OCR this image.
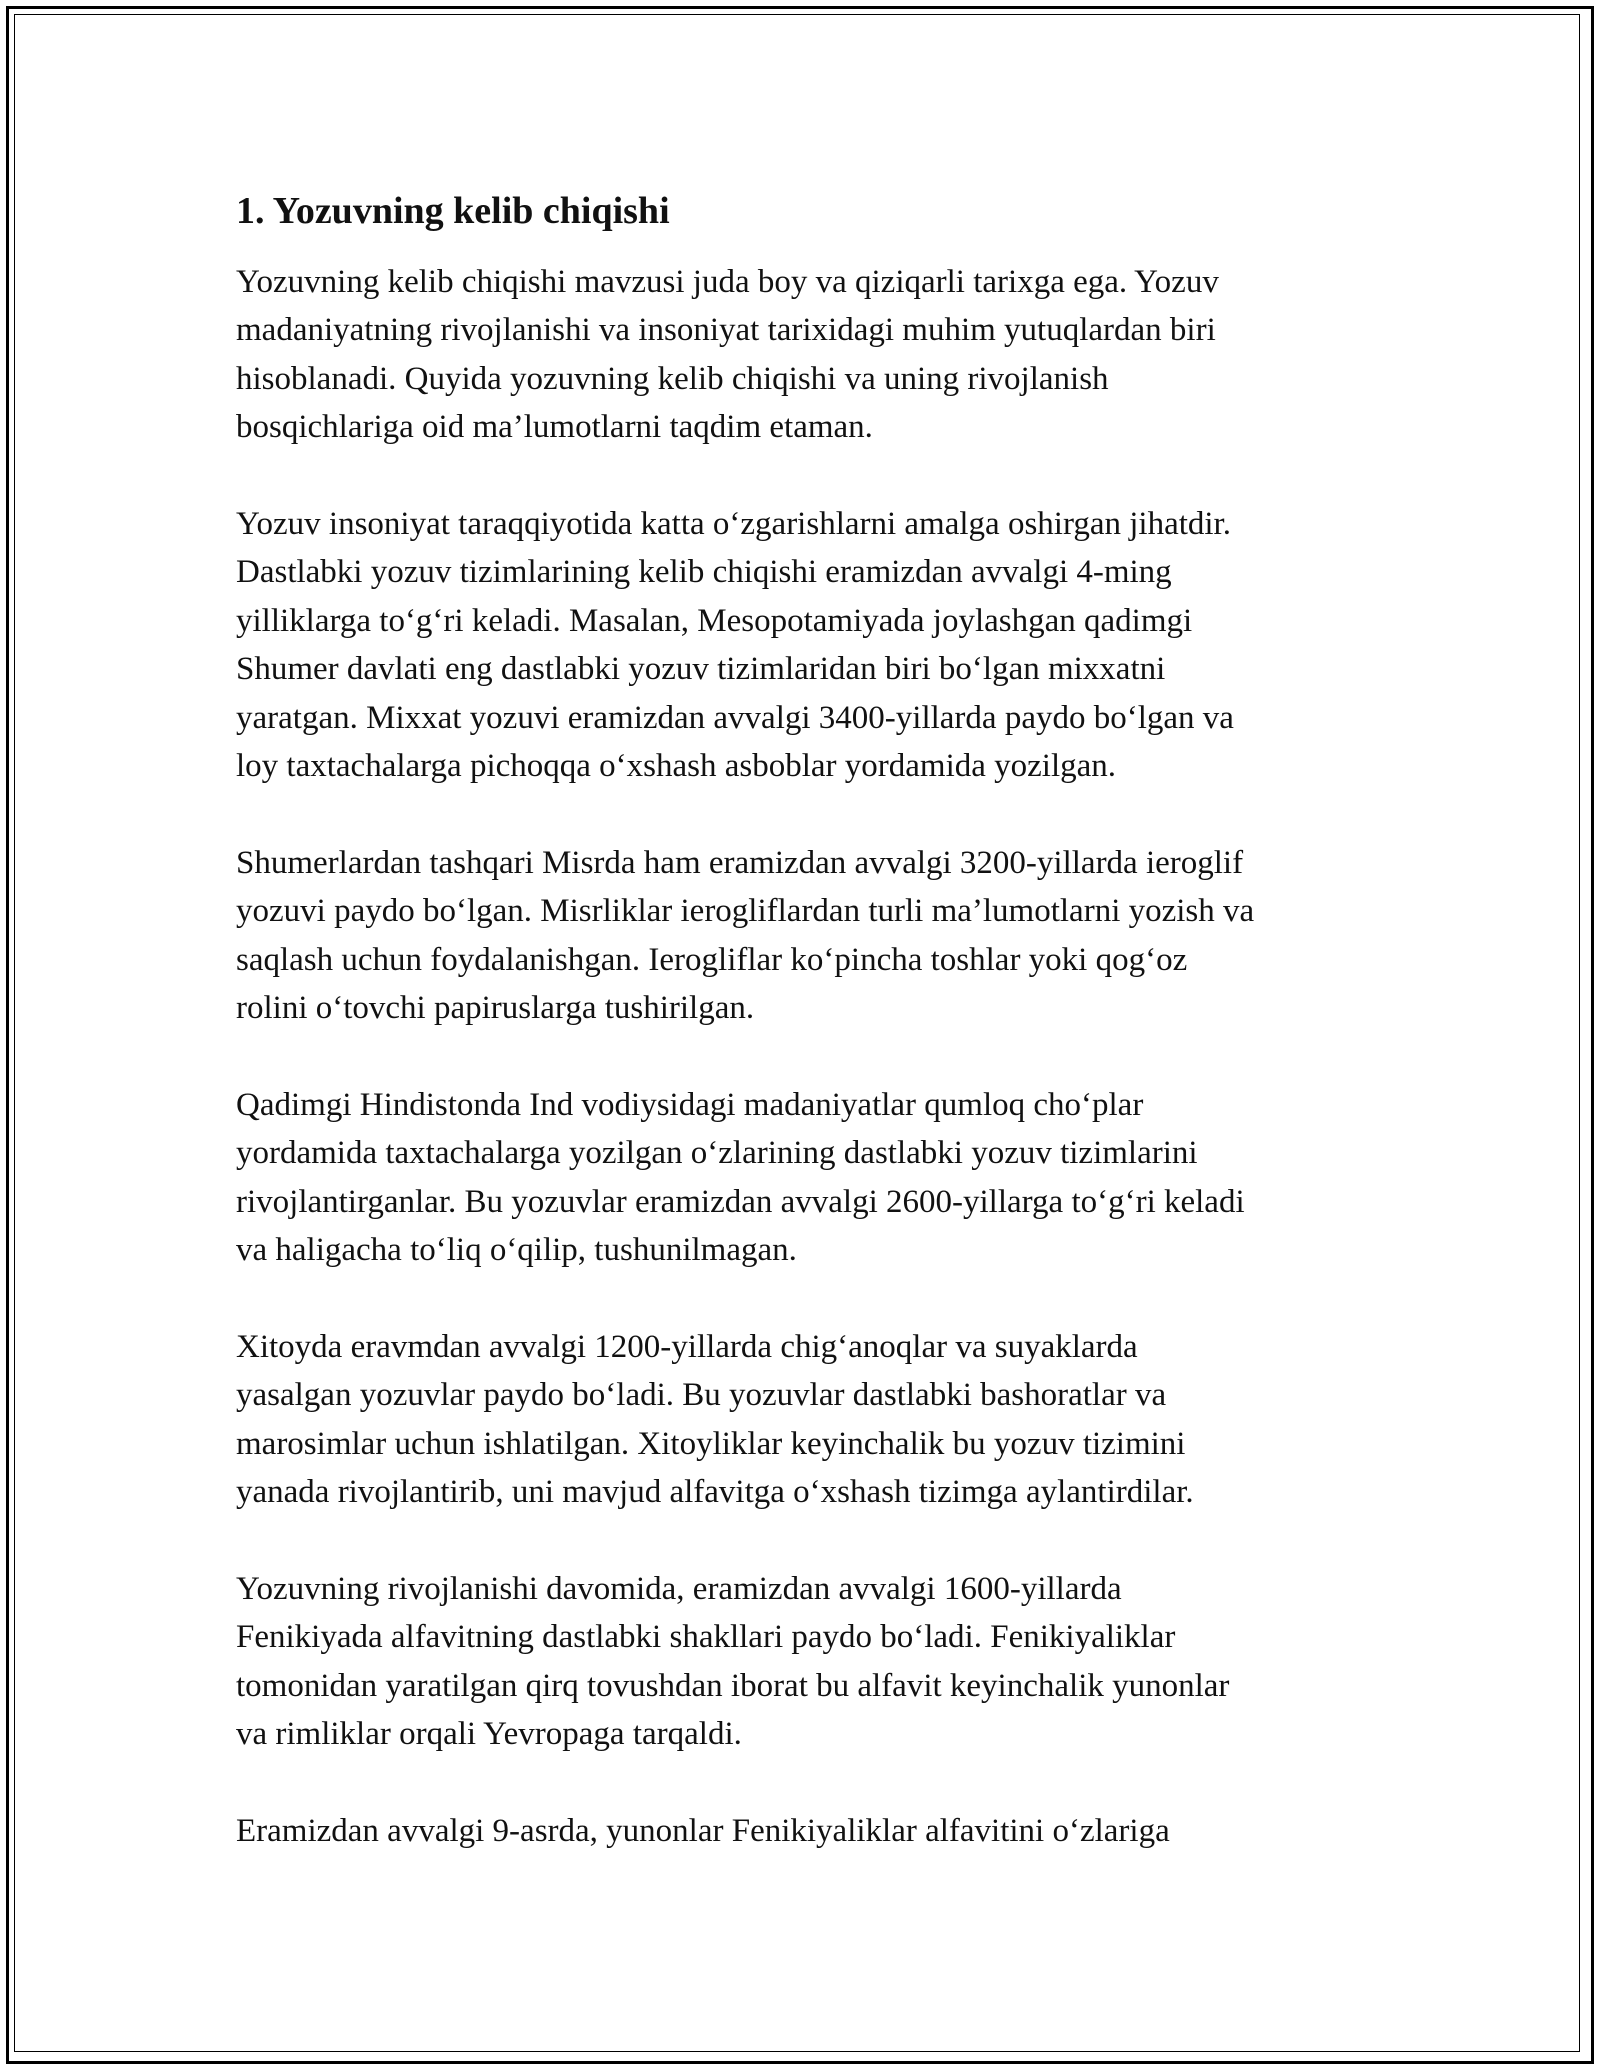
1. Yozuvning kelib chiqishi

Yozuvning kelib chiqishi mavzusi juda boy va qiziqarli tarixga ega. Yozuv
madaniyatning rivojlanishi va insoniyat tarixidagi muhim yutuqlardan biri
hisoblanadi. Quyida yozuvning kelib chiqishi va uning rivojlanish
bosqichlariga oid ma’lumotlarni taqdim etaman.

Yozuv insoniyat taraqqiyotida katta o‘zgarishlarni amalga oshirgan jihatdir.
Dastlabki yozuv tizimlarining kelib chiqishi eramizdan avvalgi 4-ming
yilliklarga to‘g‘ri keladi. Masalan, Mesopotamiyada joylashgan qadimgi
Shumer davlati eng dastlabki yozuv tizimlaridan biri bo‘lgan mixxatni
yaratgan. Mixxat yozuvi eramizdan avvalgi 3400-yillarda paydo bo‘lgan va
loy taxtachalarga pichoqqa o‘xshash asboblar yordamida yozilgan.

Shumerlardan tashqari Misrda ham eramizdan avvalgi 3200-yillarda ieroglif
yozuvi paydo bo‘lgan. Misrliklar ierogliflardan turli ma’lumotlarni yozish va
saqlash uchun foydalanishgan. Ierogliflar ko‘pincha toshlar yoki qog‘oz
rolini o‘tovchi papiruslarga tushirilgan.

Qadimgi Hindistonda Ind vodiysidagi madaniyatlar qumloq cho‘plar
yordamida taxtachalarga yozilgan o‘zlarining dastlabki yozuv tizimlarini
rivojlantirganlar. Bu yozuvlar eramizdan avvalgi 2600-yillarga to‘g‘ri keladi
va haligacha to‘liq o‘qilip, tushunilmagan.

Xitoyda eravmdan avvalgi 1200-yillarda chig‘anoqlar va suyaklarda
yasalgan yozuvlar paydo bo‘ladi. Bu yozuvlar dastlabki bashoratlar va
marosimlar uchun ishlatilgan. Xitoyliklar keyinchalik bu yozuv tizimini
yanada rivojlantirib, uni mavjud alfavitga o‘xshash tizimga aylantirdilar.

Yozuvning rivojlanishi davomida, eramizdan avvalgi 1600-yillarda
Fenikiyada alfavitning dastlabki shakllari paydo bo‘ladi. Fenikiyaliklar
tomonidan yaratilgan qirq tovushdan iborat bu alfavit keyinchalik yunonlar
va rimliklar orqali Yevropaga tarqaldi.

Eramizdan avvalgi 9-asrda, yunonlar Fenikiyaliklar alfavitini o‘zlariga
